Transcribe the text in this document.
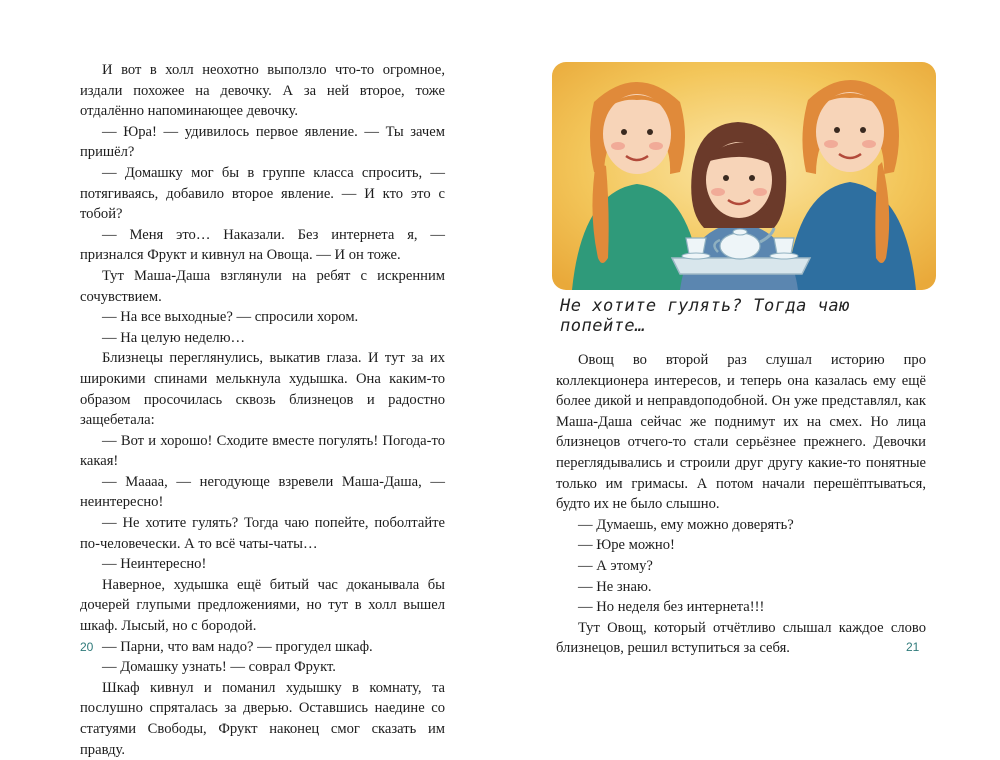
И вот в холл неохотно выползло что-то огромное, издали похожее на девочку. А за ней второе, тоже отдалённо напоминающее девочку.

— Юра! — удивилось первое явление. — Ты зачем пришёл?

— Домашку мог бы в группе класса спросить, — потягиваясь, добавило второе явление. — И кто это с тобой?

— Меня это… Наказали. Без интернета я, — признался Фрукт и кивнул на Овоща. — И он тоже.

Тут Маша-Даша взглянули на ребят с искренним сочувствием.

— На все выходные? — спросили хором.

— На целую неделю…

Близнецы переглянулись, выкатив глаза. И тут за их широкими спинами мелькнула худышка. Она каким-то образом просочилась сквозь близнецов и радостно защебетала:

— Вот и хорошо! Сходите вместе погулять! Погода-то какая!

— Маааа, — негодующе взревели Маша-Даша, — неинтересно!

— Не хотите гулять? Тогда чаю попейте, поболтайте по-человечески. А то всё чаты-чаты…

— Неинтересно!

Наверное, худышка ещё битый час доканывала бы дочерей глупыми предложениями, но тут в холл вышел шкаф. Лысый, но с бородой.

— Парни, что вам надо? — прогудел шкаф.

— Домашку узнать! — соврал Фрукт.

Шкаф кивнул и поманил худышку в комнату, та послушно спряталась за дверью. Оставшись наедине со статуями Свободы, Фрукт наконец смог сказать им правду.

20
Не хотите гулять? Тогда чаю попейте…

Овощ во второй раз слушал историю про коллекционера интересов, и теперь она казалась ему ещё более дикой и неправдоподобной. Он уже представлял, как Маша-Даша сейчас же поднимут их на смех. Но лица близнецов отчего-то стали серьёзнее прежнего. Девочки переглядывались и строили друг другу какие-то понятные только им гримасы. А потом начали перешёптываться, будто их не было слышно.

— Думаешь, ему можно доверять?

— Юре можно!

— А этому?

— Не знаю.

— Но неделя без интернета!!!

Тут Овощ, который отчётливо слышал каждое слово близнецов, решил вступиться за себя.	21
